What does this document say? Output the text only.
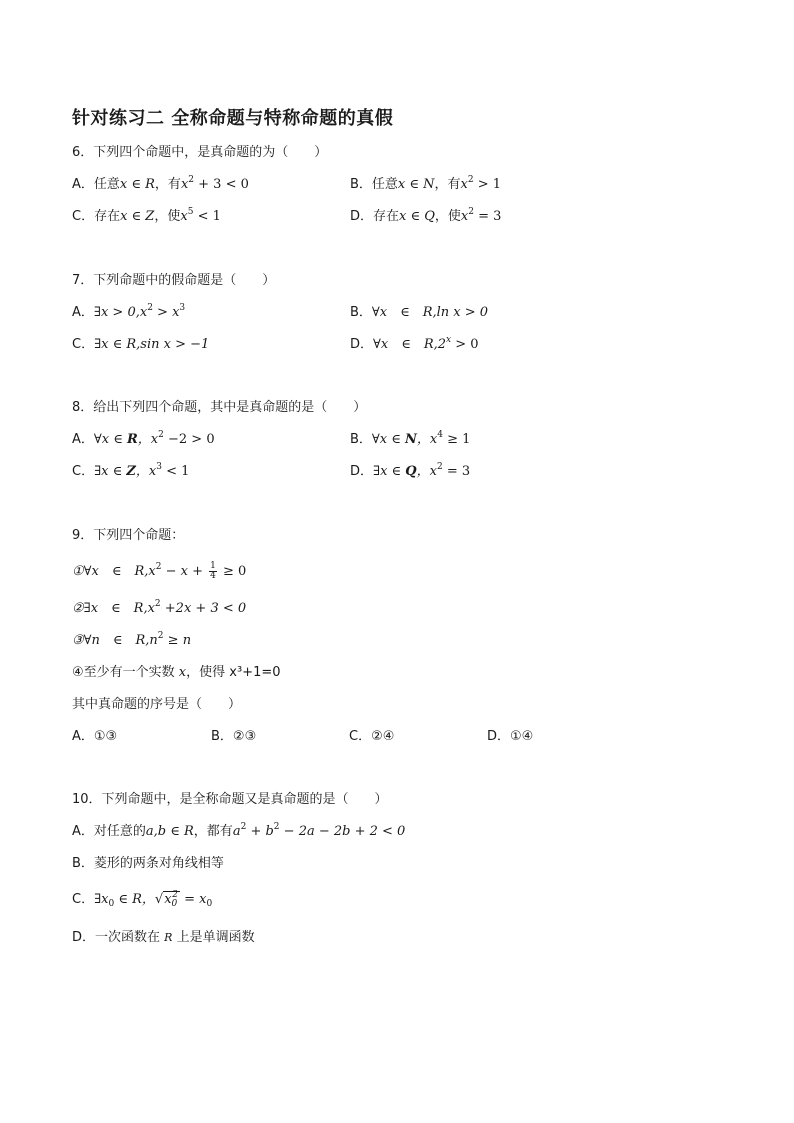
针对练习二 全称命题与特称命题的真假
6．下列四个命题中，是真命题的为（　　）
A．任意x ∈ R，有$x^2 + 3 < 0$	B．任意x ∈ N，有$x^2 > 1$
C．存在x ∈ Z，使$x^5 < 1$	D．存在x ∈ Q，使$x^2 = 3$
7．下列命题中的假命题是（　　）
A．∃x > $0,x^2 > x^3$	B．∀x　∈　R,ln x > 0
C．∃x ∈ R,sin x > −1	D．∀x　∈　$R,2^x > 0$
8．给出下列四个命题，其中是真命题的是（　　）
A．∀x ∈ R，$x^2 -2 > 0$	B．∀x ∈ N，$x^4 \ge 1$
C．∃x ∈ Z，$x^3 < 1$	D．∃x ∈ Q，$x^2 = 3$
9．下列四个命题：
①∀x　∈　$R,x^2 - x + \frac{1}{4} \ge 0$
②∃x　∈　$R,x^2 +2x + 3 < 0$
③∀n　∈　$R,n^2 \ge n$
④至少有一个实数 x，使得 x³+1=0
其中真命题的序号是（　　）
A．①③	B．②③	C．②④	D．①④
10．下列命题中，是全称命题又是真命题的是（　　）
A．对任意的a,b ∈ R，都有$a^2 + b^2 - 2a - 2b + 2 < 0$
B．菱形的两条对角线相等
C．$\exists x_0$ ∈ R，$√x_0^2 = x_0$
D．一次函数在 R 上是单调函数
